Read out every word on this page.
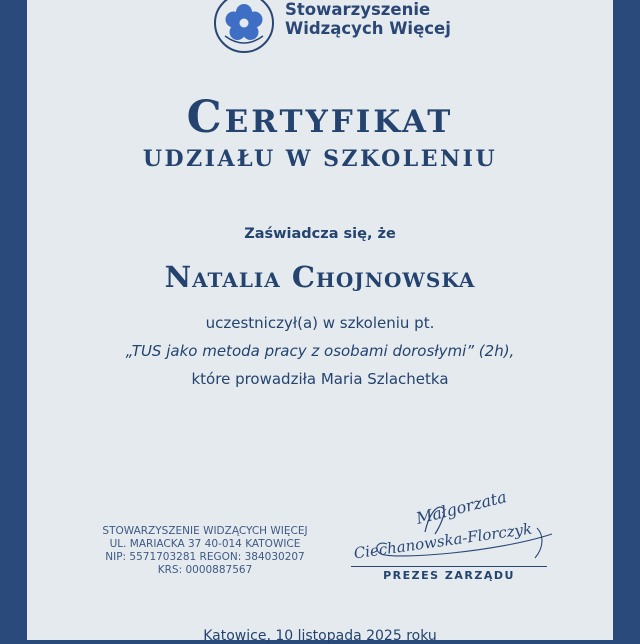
Stowarzyszenie
Widzących Więcej
Certyfikat
UDZIAŁU W SZKOLENIU
Zaświadcza się, że
Natalia Chojnowska
uczestniczył(a) w szkoleniu pt.
„TUS jako metoda pracy z osobami dorosłymi” (2h),
które prowadziła Maria Szlachetka
STOWARZYSZENIE WIDZĄCYCH WIĘCEJ
UL. MARIACKA 37 40-014 KATOWICE
NIP: 5571703281 REGON: 384030207
KRS: 0000887567
Małgorzata
Ciechanowska-Florczyk
PREZES ZARZĄDU
Katowice, 10 listopada 2025 roku
